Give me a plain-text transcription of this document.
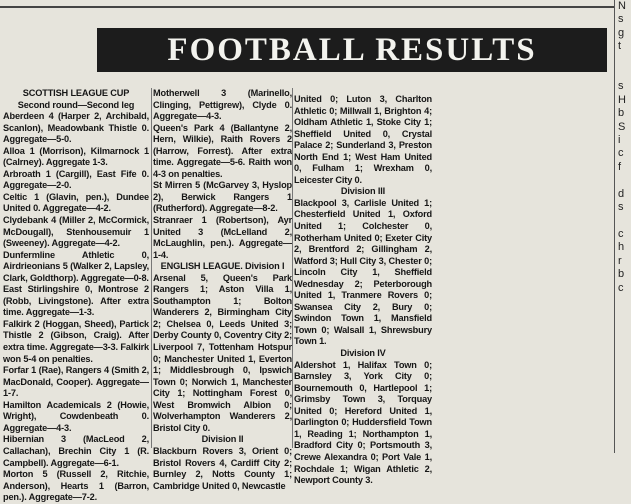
FOOTBALL RESULTS
SCOTTISH LEAGUE CUP
Second round—Second leg
Aberdeen 4 (Harper 2, Archibald, Scanlon), Meadowbank Thistle 0. Aggregate—5-0.
Alloa 1 (Morrison), Kilmarnock 1 (Calrney). Aggregate 1-3.
Arbroath 1 (Cargill), East Fife 0. Aggregate—2-0.
Celtic 1 (Glavin, pen.), Dundee United 0. Aggregate—4-2.
Clydebank 4 (Miller 2, McCormick, McDougall), Stenhousemuir 1 (Sweeney). Aggregate—4-2.
Dunfermline Athletic 0, Airdrieonians 5 (Walker 2, Lapsley, Clark, Goldthorp). Aggregate—0-8.
East Stirlingshire 0, Montrose 2 (Robb, Livingstone). After extra time. Aggregate—1-3.
Falkirk 2 (Hoggan, Sheed), Partick Thistle 2 (Gibson, Craig). After extra time. Aggregate—3-3. Falkirk won 5-4 on penalties.
Forfar 1 (Rae), Rangers 4 (Smith 2, MacDonald, Cooper). Aggregate—1-7.
Hamilton Academicals 2 (Howie, Wright), Cowdenbeath 0. Aggregate—4-3.
Hibernian 3 (MacLeod 2, Callachan), Brechin City 1 (R. Campbell). Aggregate—6-1.
Morton 5 (Russell 2, Ritchie, Anderson), Hearts 1 (Barron, pen.). Aggregate—7-2.
Motherwell 3 (Marinello, Clinging, Pettigrew), Clyde 0. Aggregate—4-3.
Queen's Park 4 (Ballantyne 2, Hern, Wilkie), Raith Rovers 2 (Harrow, Forrest). After extra time. Aggregate—5-6. Raith won 4-3 on penalties.
St Mirren 5 (McGarvey 3, Hyslop 2), Berwick Rangers 1 (Rutherford). Aggregate—8-2.
Stranraer 1 (Robertson), Ayr United 3 (McLelland 2, McLaughlin, pen.). Aggregate—1-4.
ENGLISH LEAGUE. Division I
Arsenal 5, Queen's Park Rangers 1; Aston Villa 1, Southampton 1; Bolton Wanderers 2, Birmingham City 2; Chelsea 0, Leeds United 3; Derby County 0, Coventry City 2; Liverpool 7, Tottenham Hotspur 0; Manchester United 1, Everton 1; Middlesbrough 0, Ipswich Town 0; Norwich 1, Manchester City 1; Nottingham Forest 0, West Bromwich Albion 0; Wolverhampton Wanderers 2, Bristol City 0.
Division II
Blackburn Rovers 3, Orient 0; Bristol Rovers 4, Cardiff City 2; Burnley 2, Notts County 1; Cambridge United 0, Newcastle
United 0; Luton 3, Charlton Athletic 0; Millwall 1, Brighton 4; Oldham Athletic 1, Stoke City 1; Sheffield United 0, Crystal Palace 2; Sunderland 3, Preston North End 1; West Ham United 0, Fulham 1; Wrexham 0, Leicester City 0.
Division III
Blackpool 3, Carlisle United 1; Chesterfield United 1, Oxford United 1; Colchester 0, Rotherham United 0; Exeter City 2, Brentford 2; Gillingham 2, Watford 3; Hull City 3, Chester 0; Lincoln City 1, Sheffield Wednesday 2; Peterborough United 1, Tranmere Rovers 0; Swansea City 2, Bury 0; Swindon Town 1, Mansfield Town 0; Walsall 1, Shrewsbury Town 1.
Division IV
Aldershot 1, Halifax Town 0; Barnsley 3, York City 0; Bournemouth 0, Hartlepool 1; Grimsby Town 3, Torquay United 0; Hereford United 1, Darlington 0; Huddersfield Town 1, Reading 1; Northampton 1, Bradford City 0; Portsmouth 3, Crewe Alexandra 0; Port Vale 1, Rochdale 1; Wigan Athletic 2, Newport County 3.
N
s
g
t

s
H
b
S
i
c
f

d
s

c
h
r
b
c
